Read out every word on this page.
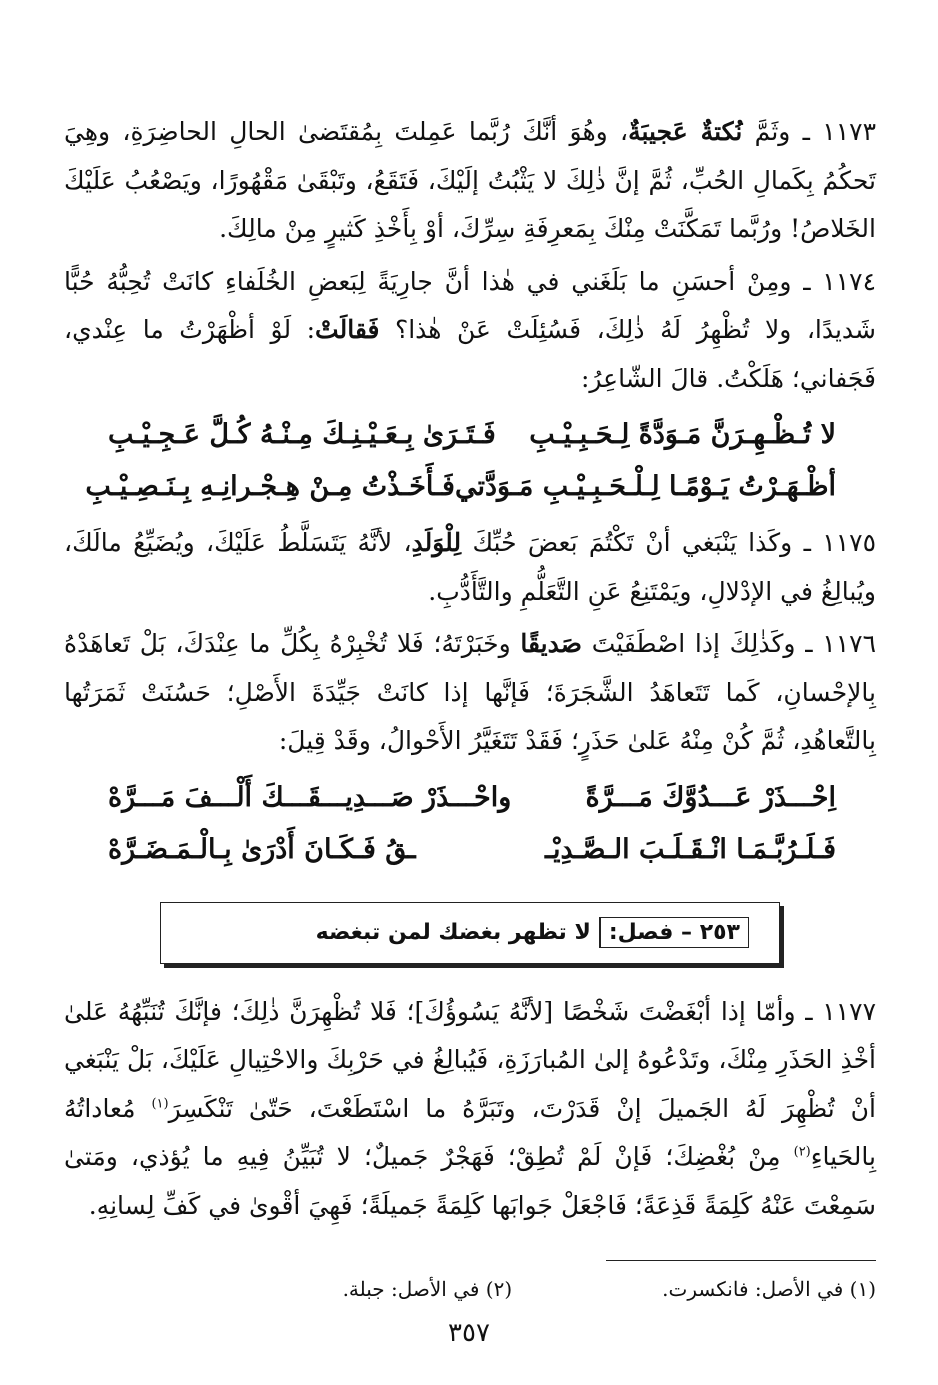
١١٧٣ ـ وثَمَّ نُكتةٌ عَجيبَةٌ، وهُوَ أنَّكَ رُبَّما عَمِلتَ بِمُقتَضىٰ الحالِ الحاضِرَةِ، وهِيَ تَحكُمُ بِكَمالِ الحُبِّ، ثُمَّ إنَّ ذٰلِكَ لا يَثْبُتُ إلَيْكَ، فَتَقَعُ، وتَبْقَىٰ مَقْهُورًا، ويَصْعُبُ عَلَيْكَ الخَلاصُ! ورُبَّما تَمَكَّنَتْ مِنْكَ بِمَعرِفَةِ سِرِّكَ، أوْ بِأَخْذِ كَثيرٍ مِنْ مالِكَ.

١١٧٤ ـ ومِنْ أحسَنِ ما بَلَغَني في هٰذا أنَّ جارِيَةً لِبَعضِ الخُلَفاءِ كانَتْ تُحِبُّهُ حُبًّا شَديدًا، ولا تُظْهِرُ لَهُ ذٰلِكَ، فَسُئِلَتْ عَنْ هٰذا؟ فَقالَتْ: لَوْ أظْهَرْتُ ما عِنْدي، فَجَفاني؛ هَلَكْتُ. قالَ الشّاعِرُ:

لا تُـظْـهِـرَنَّ مَـوَدَّةً لِـحَـبِـيْـبِ
فَـتَـرَىٰ بِـعَـيْـنِـكَ مِـنْـهُ كُـلَّ عَـجِـيْـبِ
أظْـهَـرْتُ يَـوْمًـا لِـلْـحَـبِـيْـبِ مَـوَدَّتي
فَـأَخَـذْتُ مِـنْ هِـجْـرانِـهِ بِـنَـصِـيْـبِ

١١٧٥ ـ وكَذا يَنْبَغي أنْ تَكْتُمَ بَعضَ حُبِّكَ لِلْوَلَدِ، لأنَّهُ يَتَسَلَّطُ عَلَيْكَ، ويُضَيِّعُ مالَكَ، ويُبالِغُ في الإدْلالِ، ويَمْتَنِعُ عَنِ التَّعَلُّمِ والتَّأَدُّبِ.

١١٧٦ ـ وكَذٰلِكَ إذا اصْطَفَيْتَ صَديقًا وخَبَرْتَهُ؛ فَلا تُخْبِرْهُ بِكُلِّ ما عِنْدَكَ، بَلْ تَعاهَدْهُ بِالإحْسانِ، كَما تَتَعاهَدُ الشَّجَرَةَ؛ فَإنَّها إذا كانَتْ جَيِّدَةَ الأَصْلِ؛ حَسُنَتْ ثَمَرَتُها بِالتَّعاهُدِ، ثُمَّ كُنْ مِنْهُ عَلىٰ حَذَرٍ؛ فَقَدْ تَتَغَيَّرُ الأَحْوالُ، وقَدْ قِيلَ:

اِحْـــذَرْ عَـــدُوَّكَ مَـــرَّةً
واحْـــذَرْ صَـــدِيـــقَـــكَ أَلْـــفَ مَـــرَّهْ
فَـلَـرُبَّـمَـا انْـقَـلَـبَ الـصَّـدِيْـ
ـقُ فَـكَـانَ أَدْرَىٰ بِـالْـمَـضَـرَّهْ
٢٥٣ – فصل:
لا تظهر بغضك لمن تبغضه

١١٧٧ ـ وأمّا إذا أبْغَضْتَ شَخْصًا [لأنَّهُ يَسُوؤُكَ]؛ فَلا تُظْهِرَنَّ ذٰلِكَ؛ فإنَّكَ تُنَبِّهُهُ عَلىٰ أخْذِ الحَذَرِ مِنْكَ، وتَدْعُوهُ إلىٰ المُبارَزَةِ، فَيُبالِغُ في حَرْبِكَ والاحْتِيالِ عَلَيْكَ، بَلْ يَنْبَغي أنْ تُظْهِرَ لَهُ الجَميلَ إنْ قَدَرْتَ، وتَبَرَّهُ ما اسْتَطَعْتَ، حَتّىٰ تَنْكَسِرَ$^{(١)}$ مُعاداتُهُ بِالحَياءِ$^{(٢)}$ مِنْ بُغْضِكَ؛ فَإنْ لَمْ تُطِقْ؛ فَهَجْرٌ جَميلٌ؛ لا تُبَيِّنُ فِيهِ ما يُؤذي، ومَتىٰ سَمِعْتَ عَنْهُ كَلِمَةً قَذِعَةً؛ فَاجْعَلْ جَوابَها كَلِمَةً جَميلَةً؛ فَهِيَ أقْوىٰ في كَفِّ لِسانِهِ.

(١) في الأصل: فانكسرت.
(٢) في الأصل: جبلة.
٣٥٧
